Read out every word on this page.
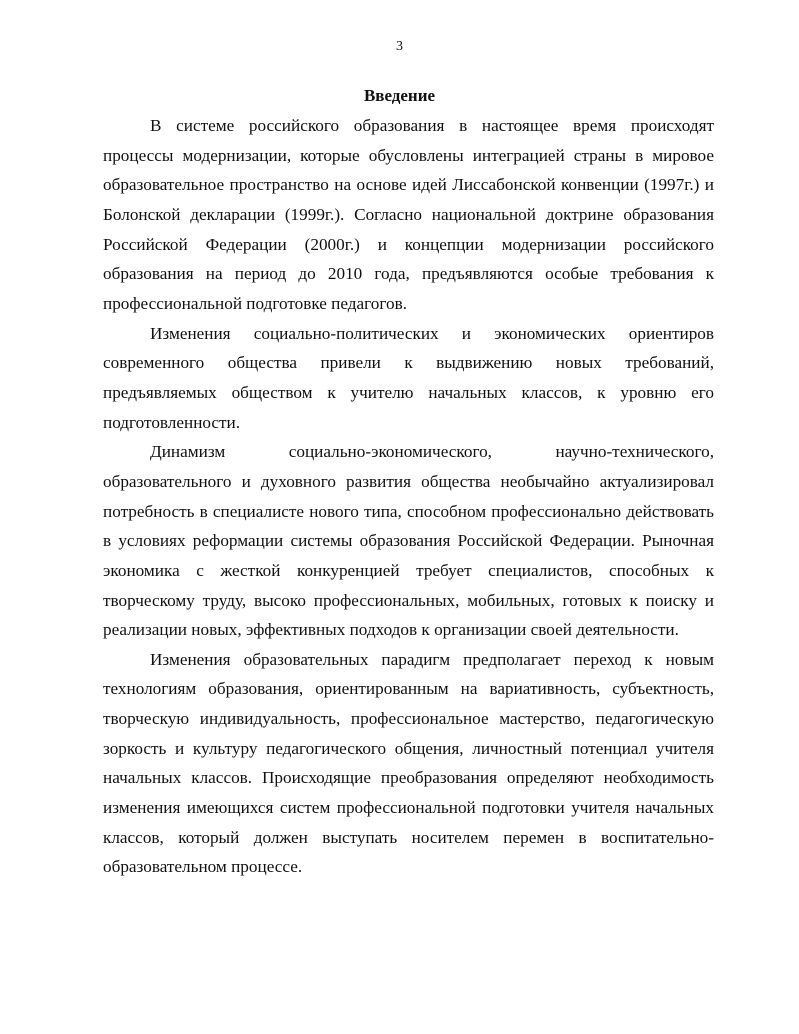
3
Введение

В системе российского образования в настоящее время происходят процессы модернизации, которые обусловлены интеграцией страны в мировое образовательное пространство на основе идей Лиссабонской конвенции (1997г.) и Болонской декларации (1999г.). Согласно национальной доктрине образования Российской Федерации (2000г.) и концепции модернизации российского образования на период до 2010 года, предъявляются особые требования к профессиональной подготовке педагогов.

Изменения социально-политических и экономических ориентиров современного общества привели к выдвижению новых требований, предъявляемых обществом к учителю начальных классов, к уровню его подготовленности.

Динамизм социально-экономического, научно-технического, образовательного и духовного развития общества необычайно актуализировал потребность в специалисте нового типа, способном профессионально действовать в условиях реформации системы образования Российской Федерации. Рыночная экономика с жесткой конкуренцией требует специалистов, способных к творческому труду, высоко профессиональных, мобильных, готовых к поиску и реализации новых, эффективных подходов к организации своей деятельности.

Изменения образовательных парадигм предполагает переход к новым технологиям образования, ориентированным на вариативность, субъектность, творческую индивидуальность, профессиональное мастерство, педагогическую зоркость и культуру педагогического общения, личностный потенциал учителя начальных классов. Происходящие преобразования определяют необходимость изменения имеющихся систем профессиональной подготовки учителя начальных классов, который должен выступать носителем перемен в воспитательно-образовательном процессе.
